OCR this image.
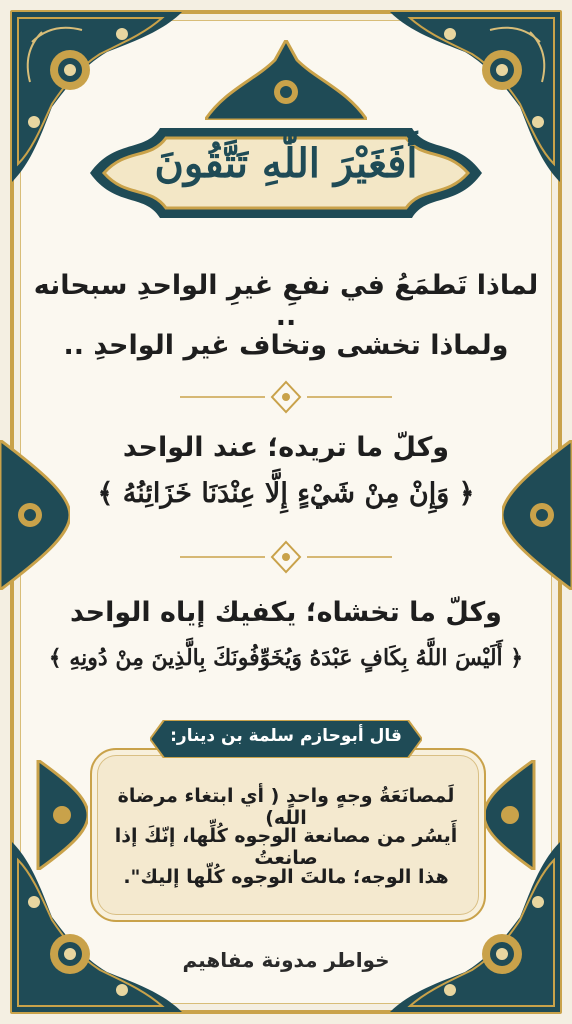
أَفَغَيْرَ اللّٰهِ تَتَّقُونَ
لماذا تَطمَعُ في نفعِ غيرِ الواحدِ سبحانه ..
ولماذا تخشى وتخاف غير الواحدِ ..
وكلّ ما تريده؛ عند الواحد
﴿ وَإِنْ مِنْ شَيْءٍ إِلَّا عِنْدَنَا خَزَائِنُهُ ﴾
وكلّ ما تخشاه؛ يكفيك إياه الواحد
﴿ أَلَيْسَ اللَّهُ بِكَافٍ عَبْدَهُ وَيُخَوِّفُونَكَ بِالَّذِينَ مِنْ دُونِهِ ﴾
قال أبوحازم سلمة بن دينار:
لَمصانَعَةُ وجهٍ واحدٍ ( أي ابتغاء مرضاة الله)
أَيسُر من مصانعة الوجوه كُلِّها، إنّكَ إذا صانعتُ
هذا الوجه؛ مالتَ الوجوه كُلّها إليك".
خواطر مدونة مفاهيم
